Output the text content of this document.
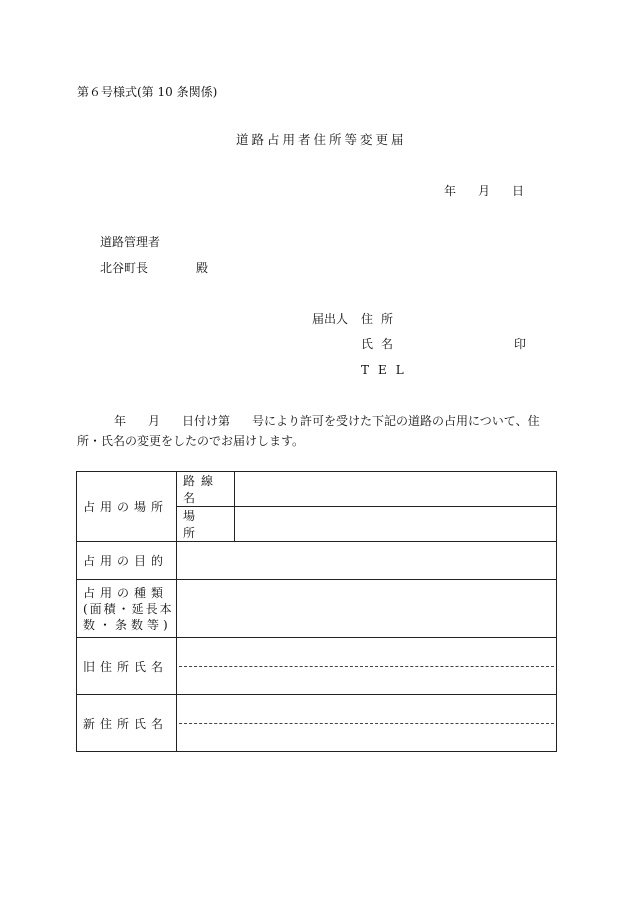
第６号様式(第 10 条関係)
道路占用者住所等変更届
年 月 日
道路管理者
北谷町長	殿
届出人 住所
氏名	印
TEL
年 月 日付け第 号により許可を受けた下記の道路の占用について、住
所・氏名の変更をしたのでお届けします。
占用の場所	路線名	
	場　所	
占用の目的		

占用の種類
(面積・延長本
数・条数等)		

旧住所氏名		

新住所氏名		
